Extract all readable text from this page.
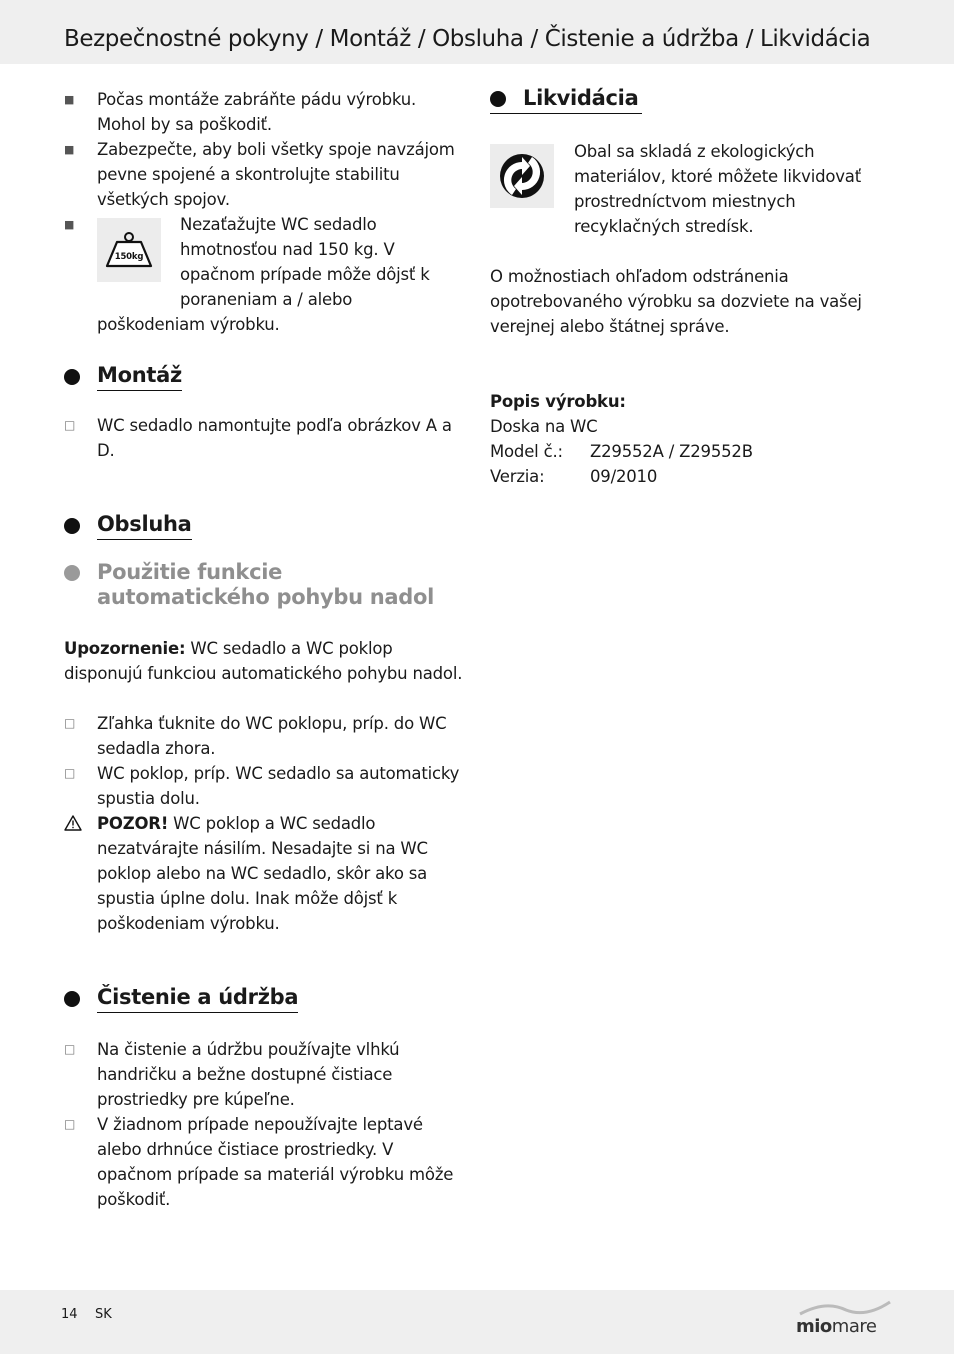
Bezpečnostné pokyny / Montáž / Obsluha / Čistenie a údržba / Likvidácia
■ Počas montáže zabráňte pádu výrobku. Mohol by sa poškodiť.
■ Zabezpečte, aby boli všetky spoje navzájom pevne spojené a skontrolujte stabilitu všetkých spojov.
■
150kg
Nezaťažujte WC sedadlo hmotnosťou nad 150 kg. V opačnom prípade môže dôjsť k poraneniam a / alebo
poškodeniam výrobku.
Montáž
□ WC sedadlo namontujte podľa obrázkov A a D.
Obsluha
Použitie funkcie
automatického pohybu nadol
Upozornenie: WC sedadlo a WC poklop disponujú funkciou automatického pohybu nadol.
□ Zľahka ťuknite do WC poklopu, príp. do WC sedadla zhora.
□ WC poklop, príp. WC sedadlo sa automaticky spustia dolu.
POZOR! WC poklop a WC sedadlo nezatvárajte násilím. Nesadajte si na WC poklop alebo na WC sedadlo, skôr ako sa spustia úplne dolu. Inak môže dôjsť k poškodeniam výrobku.
Čistenie a údržba
□ Na čistenie a údržbu používajte vlhkú handričku a bežne dostupné čistiace prostriedky pre kúpeľne.
□ V žiadnom prípade nepoužívajte leptavé alebo drhnúce čistiace prostriedky. V opačnom prípade sa materiál výrobku môže poškodiť.
Likvidácia
Obal sa skladá z ekologických materiálov, ktoré môžete likvidovať prostredníctvom miestnych recyklačných stredísk.
O možnostiach ohľadom odstránenia opotrebovaného výrobku sa dozviete na vašej verejnej alebo štátnej správe.
Popis výrobku:
Doska na WC
Model č.:	Z29552A / Z29552B
Verzia:	09/2010
14 SK
miomare
